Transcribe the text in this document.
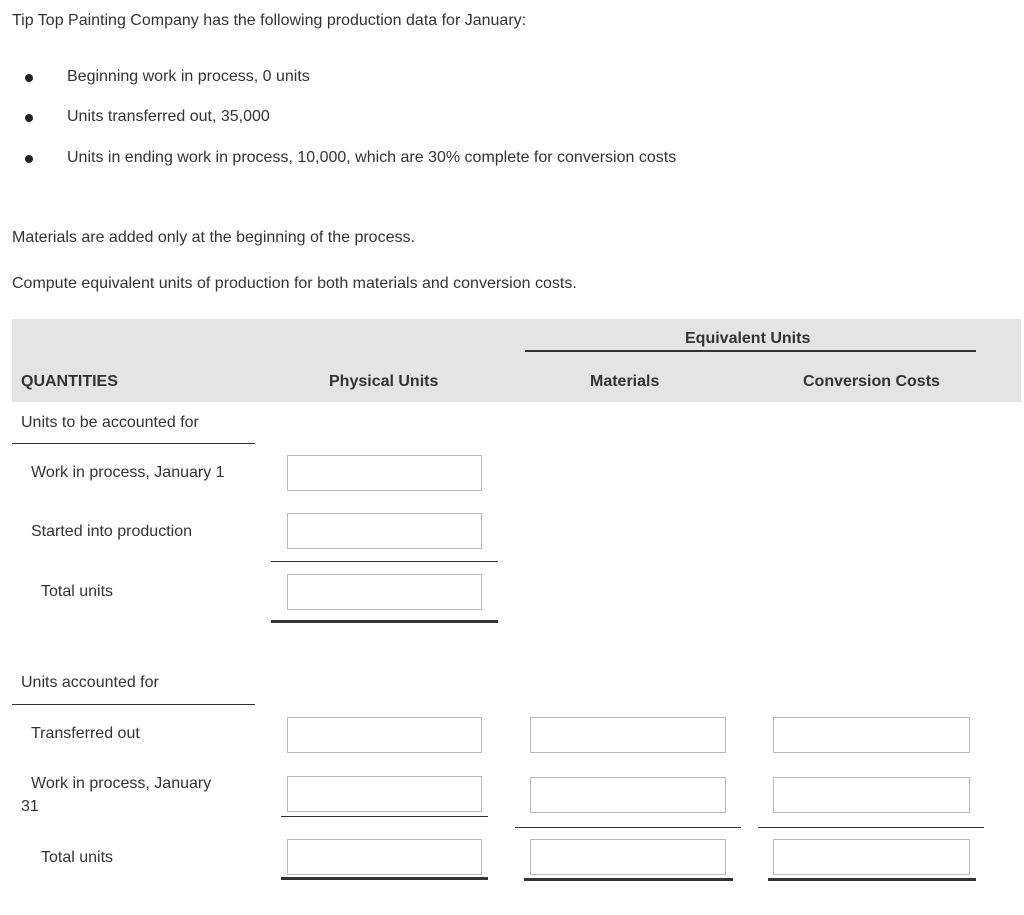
Tip Top Painting Company has the following production data for January:
Beginning work in process, 0 units
Units transferred out, 35,000
Units in ending work in process, 10,000, which are 30% complete for conversion costs
Materials are added only at the beginning of the process.
Compute equivalent units of production for both materials and conversion costs.
Equivalent Units
QUANTITIES	Physical Units	Materials	Conversion Costs
Units to be accounted for
Work in process, January 1
Started into production
Total units
Units accounted for
Transferred out
Work in process, January
31
Total units
